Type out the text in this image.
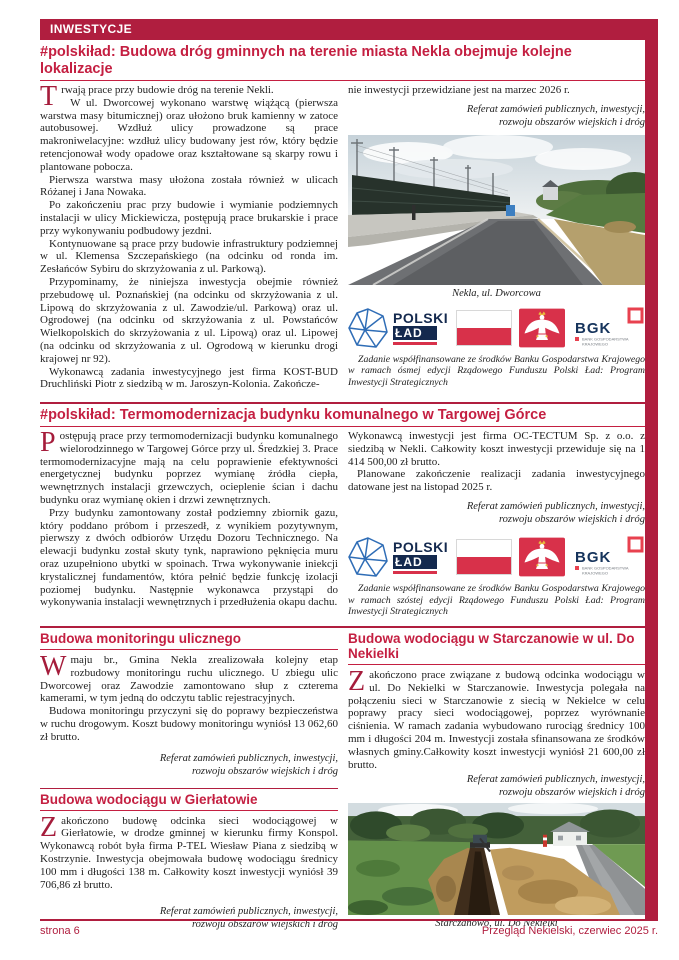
INWESTYCJE
#polskiład: Budowa dróg gminnych na terenie miasta Nekla obejmuje kolejne lokalizacje
T rwają prace przy budowie dróg na terenie Nekli.

W ul. Dworcowej wykonano warstwę wiążącą (pierwsza warstwa masy bitumicznej) oraz ułożono bruk kamienny w zatoce autobusowej. Wzdłuż ulicy prowadzone są prace makroniwelacyjne: wzdłuż ulicy budowany jest rów, który będzie retencjonował wody opadowe oraz kształtowane są skarpy rowu i plantowane pobocza.

Pierwsza warstwa masy ułożona została również w ulicach Różanej i Jana Nowaka.

Po zakończeniu prac przy budowie i wymianie podziemnych instalacji w ulicy Mickiewicza, postępują prace brukarskie i prace przy wykonywaniu podbudowy jezdni.

Kontynuowane są prace przy budowie infrastruktury podziemnej w ul. Klemensa Szczepańskiego (na odcinku od ronda im. Zesłańców Sybiru do skrzyżowania z ul. Parkową).

Przypominamy, że niniejsza inwestycja obejmie również przebudowę ul. Poznańskiej (na odcinku od skrzyżowania z ul. Lipową do skrzyżowania z ul. Zawodzie/ul. Parkową) oraz ul. Ogrodowej (na odcinku od skrzyżowania z ul. Powstańców Wielkopolskich do skrzyżowania z ul. Lipową) oraz ul. Lipowej (na odcinku od skrzyżowania z ul. Ogrodową w kierunku drogi krajowej nr 92).

Wykonawcą zadania inwestycyjnego jest firma KOST-BUD Druchliński Piotr z siedzibą w m. Jaroszyn-Kolonia. Zakończe-

nie inwestycji przewidziane jest na marzec 2026 r.

Referat zamówień publicznych, inwestycji,

rozwoju obszarów wiejskich i dróg

Nekla, ul. Dworcowa
POLSKI
ŁAD	BGK
BANK GOSPODARSTWA
KRAJOWEGO
Zadanie współfinansowane ze środków Banku Gospodarstwa Krajowego w ramach ósmej edycji Rządowego Funduszu Polski Ład: Program Inwestycji Strategicznych
#polskiład: Termomodernizacja budynku komunalnego w Targowej Górce
P ostępują prace przy termomodernizacji budynku komunalnego wielorodzinnego w Targowej Górce przy ul. Średzkiej 3. Prace termomodernizacyjne mają na celu poprawienie efektywności energetycznej budynku poprzez wymianę źródła ciepła, wewnętrznych instalacji grzewczych, ocieplenie ścian i dachu budynku oraz wymianę okien i drzwi zewnętrznych.

Przy budynku zamontowany został podziemny zbiornik gazu, który poddano próbom i przeszedł, z wynikiem pozytywnym, pierwszy z dwóch odbiorów Urzędu Dozoru Technicznego. Na elewacji budynku został skuty tynk, naprawiono pęknięcia muru oraz uzupełniono ubytki w spoinach. Trwa wykonywanie iniekcji krystalicznej fundamentów, która pełnić będzie funkcję izolacji poziomej budynku. Następnie wykonawca przystąpi do wykonywania instalacji wewnętrznych i przedłużenia okapu dachu.

Wykonawcą inwestycji jest firma OC-TECTUM Sp. z o.o. z siedzibą w Nekli. Całkowity koszt inwestycji przewiduje się na 1 414 500,00 zł brutto.

Planowane zakończenie realizacji zadania inwestycyjnego datowane jest na listopad 2025 r.

Referat zamówień publicznych, inwestycji,

rozwoju obszarów wiejskich i dróg

POLSKI
ŁAD	BGK
BANK GOSPODARSTWA
KRAJOWEGO
Zadanie współfinansowane ze środków Banku Gospodarstwa Krajowego w ramach szóstej edycji Rządowego Funduszu Polski Ład: Program Inwestycji Strategicznych
Budowa monitoringu ulicznego
W maju br., Gmina Nekla zrealizowała kolejny etap rozbudowy monitoringu ruchu ulicznego. U zbiegu ulic Dworcowej oraz Zawodzie zamontowano słup z czterema kamerami, w tym jedną do odczytu tablic rejestracyjnych.

Budowa monitoringu przyczyni się do poprawy bezpieczeństwa w ruchu drogowym. Koszt budowy monitoringu wyniósł 13 062,60 zł brutto.

Referat zamówień publicznych, inwestycji,

rozwoju obszarów wiejskich i dróg

Budowa wodociągu w Gierłatowie
Z akończono budowę odcinka sieci wodociągowej w Gierłatowie, w drodze gminnej w kierunku firmy Konspol. Wykonawcą robót była firma P-TEL Wiesław Piana z siedzibą w Kostrzynie. Inwestycja obejmowała budowę wodociągu średnicy 100 mm i długości 138 m. Całkowity koszt inwestycji wyniósł 39 706,86 zł brutto.

Referat zamówień publicznych, inwestycji,

rozwoju obszarów wiejskich i dróg

Budowa wodociągu w Starczanowie w ul. Do Nekielki
Z akończono prace związane z budową odcinka wodociągu w ul. Do Nekielki w Starczanowie. Inwestycja polegała na połączeniu sieci w Starczanowie z siecią w Nekielce w celu poprawy pracy sieci wodociągowej, poprzez wyrównanie ciśnienia. W ramach zadania wybudowano rurociąg średnicy 100 mm i długości 204 m. Inwestycji została sfinansowana ze środków własnych gminy.Całkowity koszt inwestycji wyniósł 21 600,00 zł brutto.

Referat zamówień publicznych, inwestycji,

rozwoju obszarów wiejskich i dróg

Starczanowo, ul. Do Nekielki
strona 6	Przegląd Nekielski, czerwiec 2025 r.
